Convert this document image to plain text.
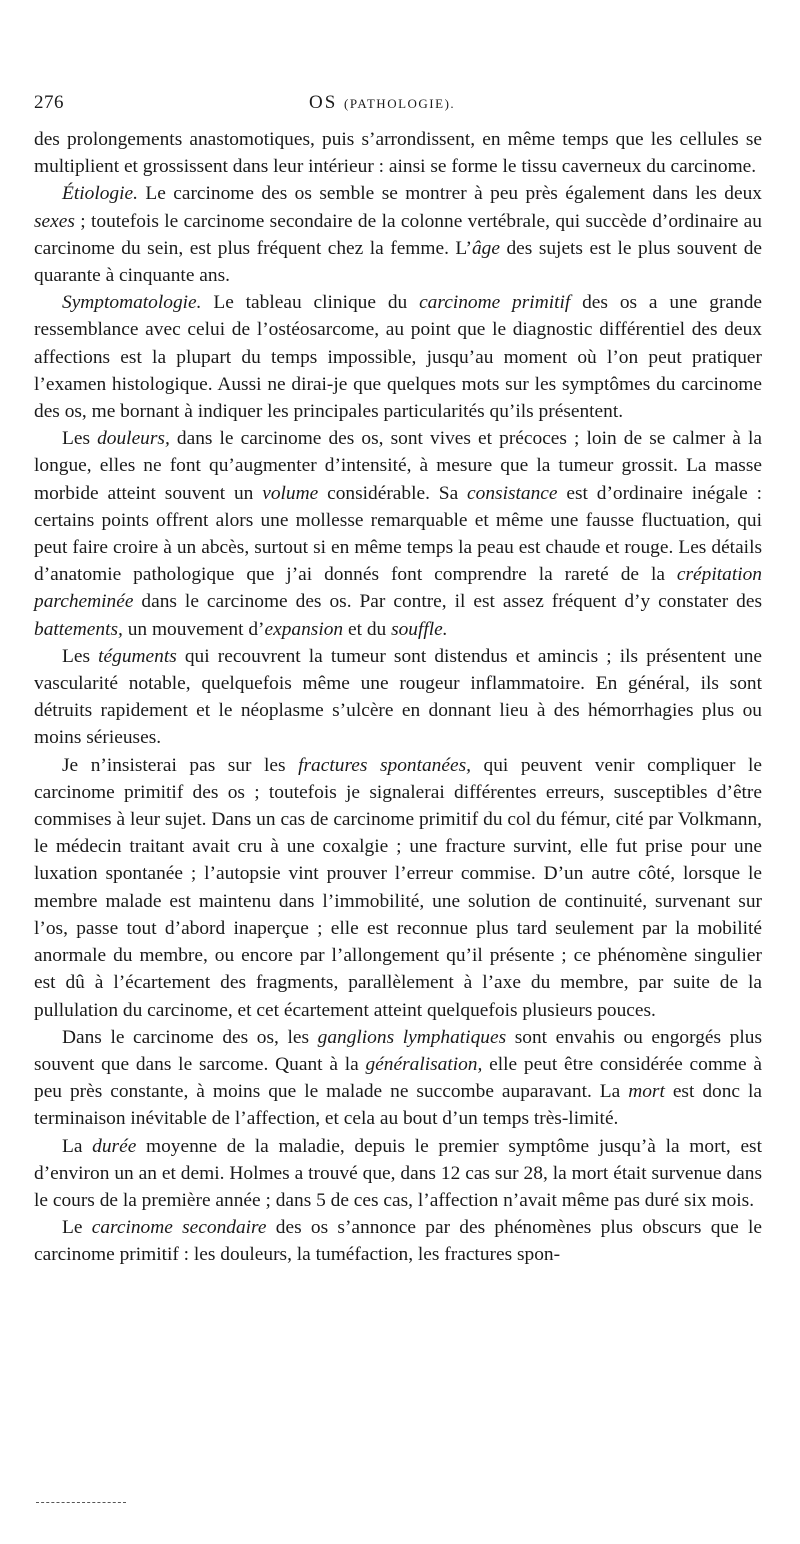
276	OS (PATHOLOGIE).

des prolongements anastomotiques, puis s’arrondissent, en même temps que les cellules se multiplient et grossissent dans leur intérieur : ainsi se forme le tissu caverneux du carcinome.

Étiologie. Le carcinome des os semble se montrer à peu près également dans les deux sexes ; toutefois le carcinome secondaire de la colonne vertébrale, qui succède d’ordinaire au carcinome du sein, est plus fréquent chez la femme. L’âge des sujets est le plus souvent de quarante à cinquante ans.

Symptomatologie. Le tableau clinique du carcinome primitif des os a une grande ressemblance avec celui de l’ostéosarcome, au point que le diagnostic différentiel des deux affections est la plupart du temps impossible, jusqu’au moment où l’on peut pratiquer l’examen histologique. Aussi ne dirai-je que quelques mots sur les symptômes du carcinome des os, me bornant à indiquer les principales particularités qu’ils présentent.

Les douleurs, dans le carcinome des os, sont vives et précoces ; loin de se calmer à la longue, elles ne font qu’augmenter d’intensité, à mesure que la tumeur grossit. La masse morbide atteint souvent un volume considérable. Sa consistance est d’ordinaire inégale : certains points offrent alors une mollesse remarquable et même une fausse fluctuation, qui peut faire croire à un abcès, surtout si en même temps la peau est chaude et rouge. Les détails d’anatomie pathologique que j’ai donnés font comprendre la rareté de la crépitation parcheminée dans le carcinome des os. Par contre, il est assez fréquent d’y constater des battements, un mouvement d’expansion et du souffle.

Les téguments qui recouvrent la tumeur sont distendus et amincis ; ils présentent une vascularité notable, quelquefois même une rougeur inflammatoire. En général, ils sont détruits rapidement et le néoplasme s’ulcère en donnant lieu à des hémorrhagies plus ou moins sérieuses.

Je n’insisterai pas sur les fractures spontanées, qui peuvent venir compliquer le carcinome primitif des os ; toutefois je signalerai différentes erreurs, susceptibles d’être commises à leur sujet. Dans un cas de carcinome primitif du col du fémur, cité par Volkmann, le médecin traitant avait cru à une coxalgie ; une fracture survint, elle fut prise pour une luxation spontanée ; l’autopsie vint prouver l’erreur commise. D’un autre côté, lorsque le membre malade est maintenu dans l’immobilité, une solution de continuité, survenant sur l’os, passe tout d’abord inaperçue ; elle est reconnue plus tard seulement par la mobilité anormale du membre, ou encore par l’allongement qu’il présente ; ce phénomène singulier est dû à l’écartement des fragments, parallèlement à l’axe du membre, par suite de la pullulation du carcinome, et cet écartement atteint quelquefois plusieurs pouces.

Dans le carcinome des os, les ganglions lymphatiques sont envahis ou engorgés plus souvent que dans le sarcome. Quant à la généralisation, elle peut être considérée comme à peu près constante, à moins que le malade ne succombe auparavant. La mort est donc la terminaison inévitable de l’affection, et cela au bout d’un temps très-limité.

La durée moyenne de la maladie, depuis le premier symptôme jusqu’à la mort, est d’environ un an et demi. Holmes a trouvé que, dans 12 cas sur 28, la mort était survenue dans le cours de la première année ; dans 5 de ces cas, l’affection n’avait même pas duré six mois.

Le carcinome secondaire des os s’annonce par des phénomènes plus obscurs que le carcinome primitif : les douleurs, la tuméfaction, les fractures spon-
